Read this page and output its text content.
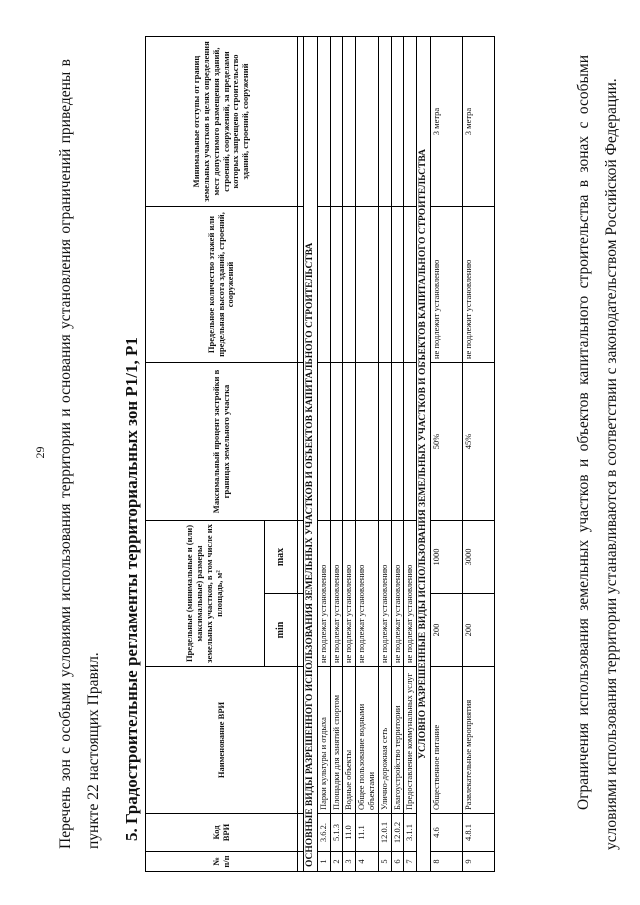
29 Перечень зон с особыми условиями использования территории и основания установления ограничений приведены в пункте 22 настоящих Правил.	5. Градостроительные регламенты территориальных зон Р1/1, Р1
№ п/п	Код ВРИ	Наименование ВРИ	Предельные (минимальные и (или) максимальные) размеры земельных участков, в том числе их площадь, м²		Максимальный процент застройки в границах земельного участка	Предельное количество этажей или предельная высота зданий, строений, сооружений	Минимальные отступы от границ земельных участков в целях определения мест допустимого размещения зданий, строений, сооружений, за пределами которых запрещено строительство зданий, строений, сооружений
			min	max			

ОСНОВНЫЕ ВИДЫ РАЗРЕШЕННОГО ИСПОЛЬЗОВАНИЯ ЗЕМЕЛЬНЫХ УЧАСТКОВ И ОБЪЕКТОВ КАПИТАЛЬНОГО СТРОИТЕЛЬСТВА							
1	3.6.2.	Парки культуры и отдыха	не подлежат установлению				
2	5.1.3	Площадки для занятий спортом	не подлежат установлению				
3	11.0	Водные объекты	не подлежат установлению				
4	11.1	Общее пользование водными объектами	не подлежат установлению				
5	12.0.1	Улично-дорожная сеть	не подлежат установлению				
6	12.0.2	Благоустройство территории	не подлежат установлению				
7	3.1.1	Предоставление коммунальных услуг	не подлежат установлению				
УСЛОВНО РАЗРЕШЕННЫЕ ВИДЫ ИСПОЛЬЗОВАНИЯ ЗЕМЕЛЬНЫХ УЧАСТКОВ И ОБЪЕКТОВ КАПИТАЛЬНОГО СТРОИТЕЛЬСТВА							
8	4.6	Общественное питание	200	1000	50%	не подлежит установлению	3 метра
9	4.8.1	Развлекательные мероприятия	200	3000	45%	не подлежит установлению	3 метра	Ограничения использования земельных участков и объектов капитального строительства в зонах с особыми условиями использования территории устанавливаются в соответствии с законодательством Российской Федерации.
